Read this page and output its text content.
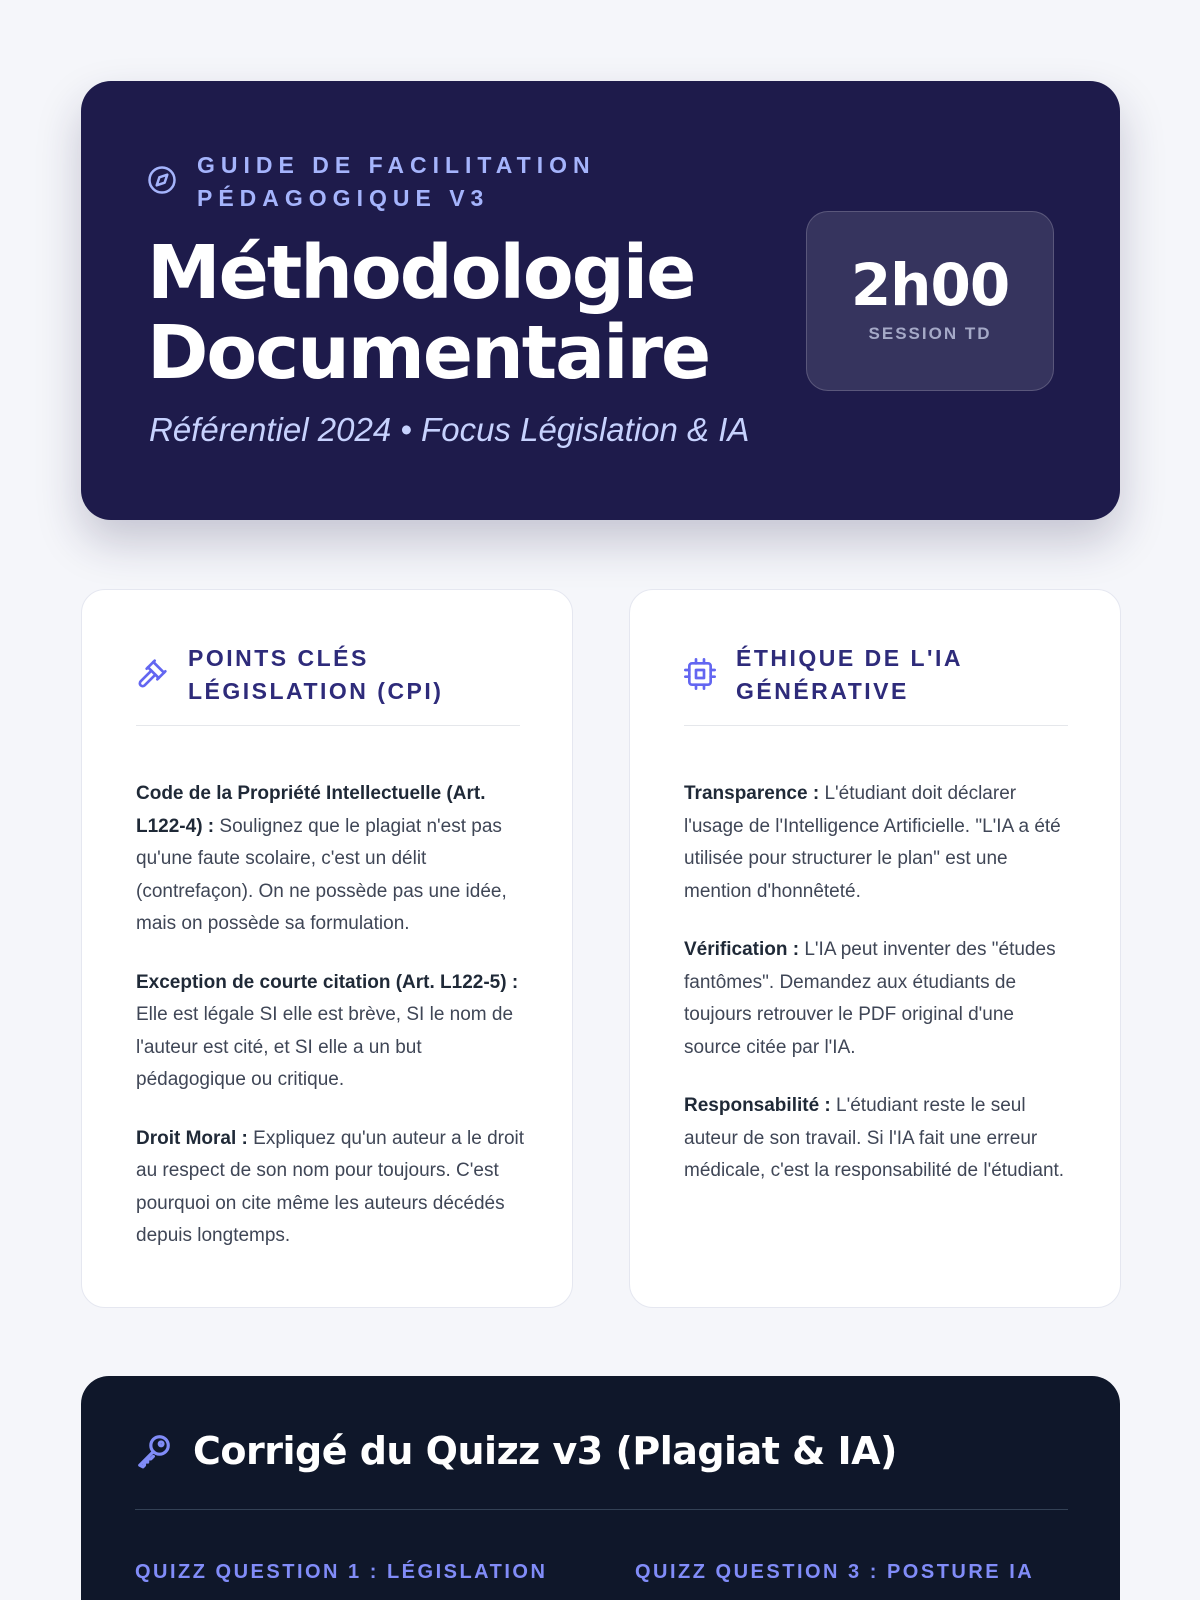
GUIDE DE FACILITATION PÉDAGOGIQUE V3
Méthodologie
Documentaire
Référentiel 2024 • Focus Législation & IA
2h00
SESSION TD
POINTS CLÉS LÉGISLATION (CPI)

Code de la Propriété Intellectuelle (Art. L122-4) : Soulignez que le plagiat n'est pas qu'une faute scolaire, c'est un délit (contrefaçon). On ne possède pas une idée, mais on possède sa formulation.

Exception de courte citation (Art. L122-5) : Elle est légale SI elle est brève, SI le nom de l'auteur est cité, et SI elle a un but pédagogique ou critique.

Droit Moral : Expliquez qu'un auteur a le droit au respect de son nom pour toujours. C'est pourquoi on cite même les auteurs décédés depuis longtemps.

ÉTHIQUE DE L'IA GÉNÉRATIVE

Transparence : L'étudiant doit déclarer l'usage de l'Intelligence Artificielle. "L'IA a été utilisée pour structurer le plan" est une mention d'honnêteté.

Vérification : L'IA peut inventer des "études fantômes". Demandez aux étudiants de toujours retrouver le PDF original d'une source citée par l'IA.

Responsabilité : L'étudiant reste le seul auteur de son travail. Si l'IA fait une erreur médicale, c'est la responsabilité de l'étudiant.

Corrigé du Quizz v3 (Plagiat & IA)
QUIZZ QUESTION 1 : LÉGISLATION	QUIZZ QUESTION 3 : POSTURE IA
